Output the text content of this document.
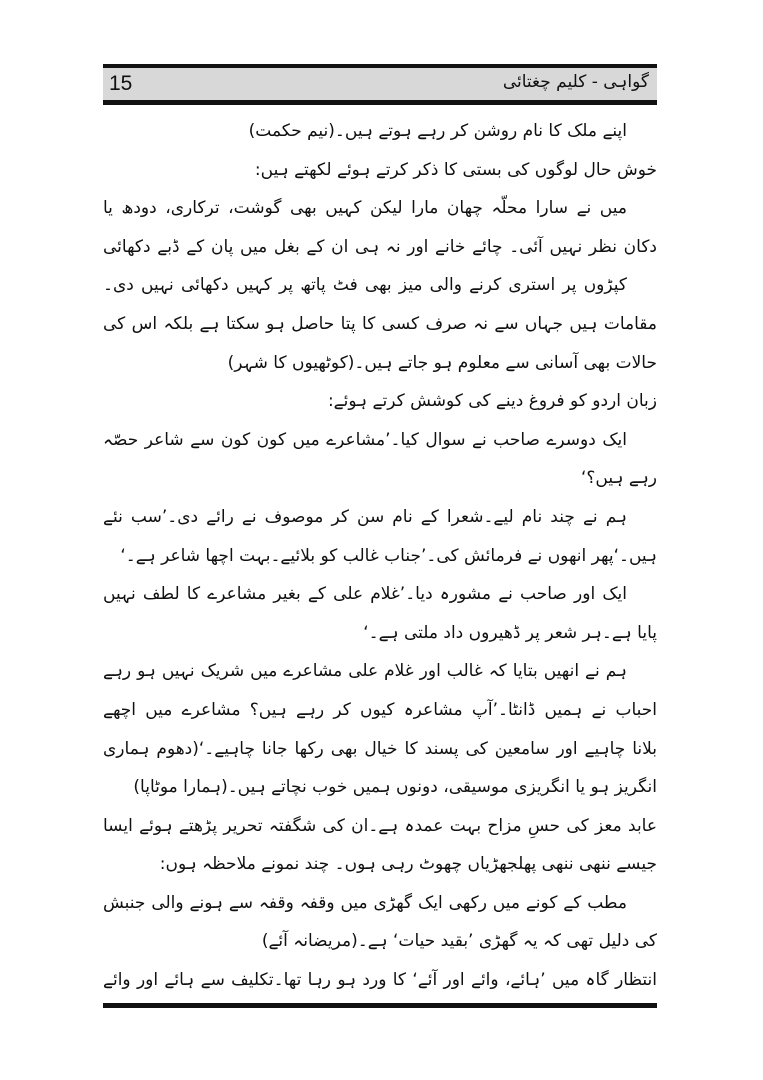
15	گواہی - کلیم چغتائی
اپنے ملک کا نام روشن کر رہے ہوتے ہیں۔(نیم حکمت)
خوش حال لوگوں کی بستی کا ذکر کرتے ہوئے لکھتے ہیں:
میں نے سارا محلّہ چھان مارا لیکن کہیں بھی گوشت، ترکاری، دودھ یا
دکان نظر نہیں آئی۔ چائے خانے اور نہ ہی ان کے بغل میں پان کے ڈبے دکھائی
کپڑوں پر استری کرنے والی میز بھی فٹ پاتھ پر کہیں دکھائی نہیں دی۔
مقامات ہیں جہاں سے نہ صرف کسی کا پتا حاصل ہو سکتا ہے بلکہ اس کی
حالات بھی آسانی سے معلوم ہو جاتے ہیں۔(کوٹھیوں کا شہر)
زبان اردو کو فروغ دینے کی کوشش کرتے ہوئے:
ایک دوسرے صاحب نے سوال کیا۔’مشاعرے میں کون کون سے شاعر حصّہ
رہے ہیں؟‘
ہم نے چند نام لیے۔شعرا کے نام سن کر موصوف نے رائے دی۔’سب نئے
ہیں۔‘پھر انھوں نے فرمائش کی۔’جناب غالب کو بلائیے۔بہت اچھا شاعر ہے۔‘
ایک اور صاحب نے مشورہ دیا۔’غلام علی کے بغیر مشاعرے کا لطف نہیں
پایا ہے۔ہر شعر پر ڈھیروں داد ملتی ہے۔‘
ہم نے انھیں بتایا کہ غالب اور غلام علی مشاعرے میں شریک نہیں ہو رہے
احباب نے ہمیں ڈانٹا۔’آپ مشاعرہ کیوں کر رہے ہیں؟ مشاعرے میں اچھے
بلانا چاہیے اور سامعین کی پسند کا خیال بھی رکھا جانا چاہیے۔‘(دھوم ہماری
انگریز ہو یا انگریزی موسیقی، دونوں ہمیں خوب نچاتے ہیں۔(ہمارا موٹاپا)
عابد معز کی حسِ مزاح بہت عمدہ ہے۔ان کی شگفتہ تحریر پڑھتے ہوئے ایسا
جیسے ننھی ننھی پھلجھڑیاں چھوٹ رہی ہوں۔ چند نمونے ملاحظہ ہوں:
مطب کے کونے میں رکھی ایک گھڑی میں وقفہ وقفہ سے ہونے والی جنبش
کی دلیل تھی کہ یہ گھڑی ’بقید حیات‘ ہے۔(مریضانہ آئے)
انتظار گاہ میں ’ہائے، وائے اور آئے‘ کا ورد ہو رہا تھا۔تکلیف سے ہائے اور وائے
